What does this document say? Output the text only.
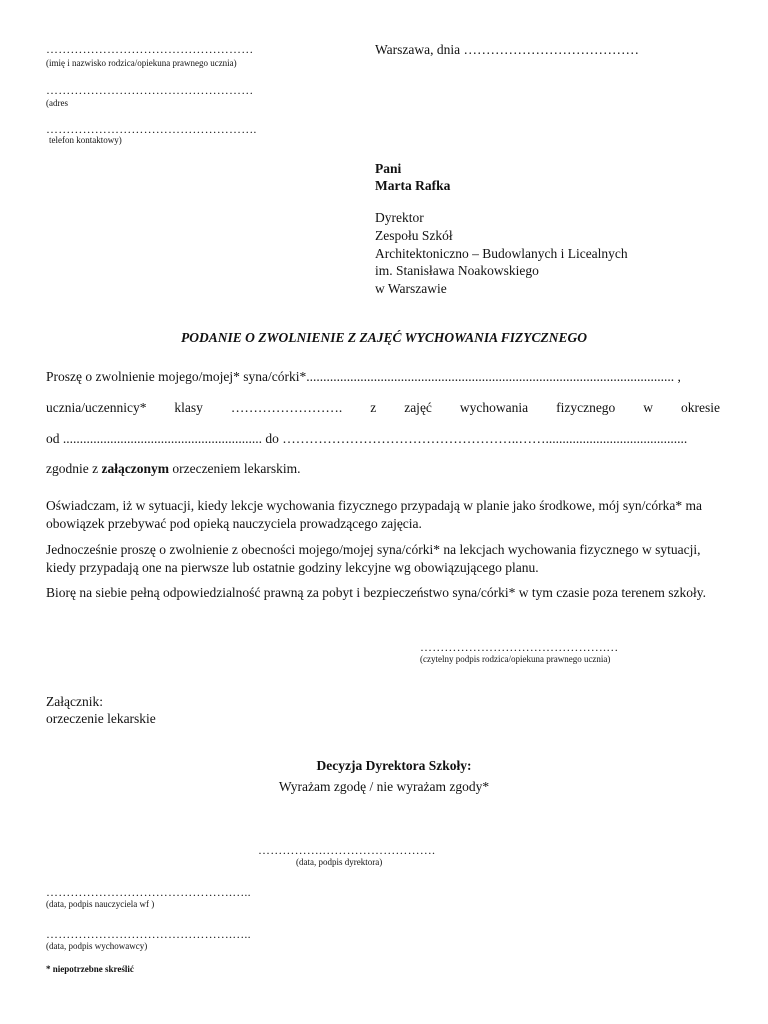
……………………………………………
(imię i nazwisko rodzica/opiekuna prawnego ucznia)
……………………………………………
(adres
…………………………………………….
telefon kontaktowy)
Warszawa, dnia …………………………………
Pani
Marta Rafka
Dyrektor
Zespołu Szkół
Architektoniczno – Budowlanych i Licealnych
im. Stanisława Noakowskiego
w Warszawie
PODANIE O ZWOLNIENIE Z ZAJĘĆ WYCHOWANIA FIZYCZNEGO
Proszę o zwolnienie mojego/mojej* syna/córki*............................................................................................................. ,
ucznia/uczennicy* klasy ……………………. z zajęć wychowania fizycznego w okresie
od ........................................................... do ……………………………………………..……..........................................
zgodnie z załączonym orzeczeniem lekarskim.
Oświadczam, iż w sytuacji, kiedy lekcje wychowania fizycznego przypadają w planie jako środkowe, mój syn/córka* ma obowiązek przebywać pod opieką nauczyciela prowadzącego zajęcia.
Jednocześnie proszę o zwolnienie z obecności mojego/mojej syna/córki* na lekcjach wychowania fizycznego w sytuacji, kiedy przypadają one na pierwsze lub ostatnie godziny lekcyjne wg obowiązującego planu.
Biorę na siebie pełną odpowiedzialność prawną za pobyt i bezpieczeństwo syna/córki* w tym czasie poza terenem szkoły.
……………………………………….…
(czytelny podpis rodzica/opiekuna prawnego ucznia)
Załącznik:
orzeczenie lekarskie
Decyzja Dyrektora Szkoły:
Wyrażam zgodę / nie wyrażam zgody*
…………….……………………….
(data, podpis dyrektora)
……………………………………….…..
(data, podpis nauczyciela wf )
……………………………………….…..
(data, podpis wychowawcy)
* niepotrzebne skreślić
